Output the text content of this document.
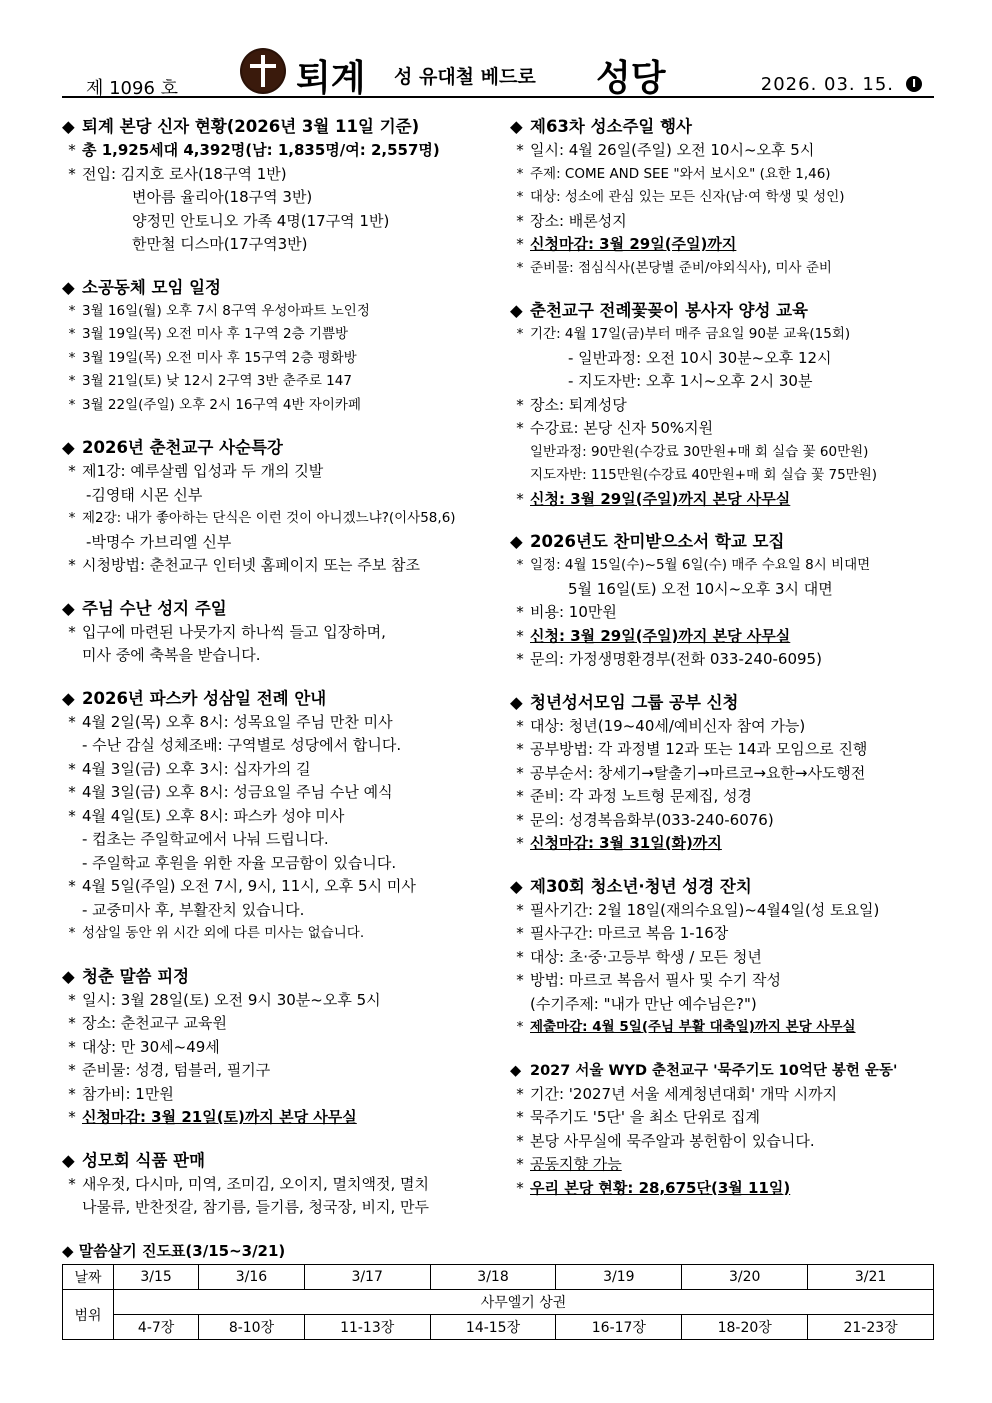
제 1096 호	퇴계 성 유대철 베드로 성당	2026. 03. 15.	I
◆ 퇴계 본당 신자 현황(2026년 3월 11일 기준)
* 총 1,925세대 4,392명(남: 1,835명/여: 2,557명)
* 전입: 김지호 로사(18구역 1반)
변아름 율리아(18구역 3반)
양정민 안토니오 가족 4명(17구역 1반)
한만철 디스마(17구역3반)
◆ 소공동체 모임 일정
* 3월 16일(월) 오후 7시 8구역 우성아파트 노인정
* 3월 19일(목) 오전 미사 후 1구역 2층 기쁨방
* 3월 19일(목) 오전 미사 후 15구역 2층 평화방
* 3월 21일(토) 낮 12시 2구역 3반 춘주로 147
* 3월 22일(주일) 오후 2시 16구역 4반 자이카페
◆ 2026년 춘천교구 사순특강
* 제1강: 예루살렘 입성과 두 개의 깃발
-김영태 시몬 신부
* 제2강: 내가 좋아하는 단식은 이런 것이 아니겠느냐?(이사58,6)
-박명수 가브리엘 신부
* 시청방법: 춘천교구 인터넷 홈페이지 또는 주보 참조
◆ 주님 수난 성지 주일
* 입구에 마련된 나뭇가지 하나씩 들고 입장하며,
미사 중에 축복을 받습니다.
◆ 2026년 파스카 성삼일 전례 안내
* 4월 2일(목) 오후 8시: 성목요일 주님 만찬 미사
- 수난 감실 성체조배: 구역별로 성당에서 합니다.
* 4월 3일(금) 오후 3시: 십자가의 길
* 4월 3일(금) 오후 8시: 성금요일 주님 수난 예식
* 4월 4일(토) 오후 8시: 파스카 성야 미사
- 컵초는 주일학교에서 나눠 드립니다.
- 주일학교 후원을 위한 자율 모금함이 있습니다.
* 4월 5일(주일) 오전 7시, 9시, 11시, 오후 5시 미사
- 교중미사 후, 부활잔치 있습니다.
* 성삼일 동안 위 시간 외에 다른 미사는 없습니다.
◆ 청춘 말씀 피정
* 일시: 3월 28일(토) 오전 9시 30분~오후 5시
* 장소: 춘천교구 교육원
* 대상: 만 30세~49세
* 준비물: 성경, 텀블러, 필기구
* 참가비: 1만원
* 신청마감: 3월 21일(토)까지 본당 사무실
◆ 성모회 식품 판매
* 새우젓, 다시마, 미역, 조미김, 오이지, 멸치액젓, 멸치
나물류, 반찬젓갈, 참기름, 들기름, 청국장, 비지, 만두
◆ 제63차 성소주일 행사
* 일시: 4월 26일(주일) 오전 10시~오후 5시
* 주제: COME AND SEE "와서 보시오" (요한 1,46)
* 대상: 성소에 관심 있는 모든 신자(남·여 학생 및 성인)
* 장소: 배론성지
* 신청마감: 3월 29일(주일)까지
* 준비물: 점심식사(본당별 준비/야외식사), 미사 준비
◆ 춘천교구 전례꽃꽂이 봉사자 양성 교육
* 기간: 4월 17일(금)부터 매주 금요일 90분 교육(15회)
- 일반과정: 오전 10시 30분~오후 12시
- 지도자반: 오후 1시~오후 2시 30분
* 장소: 퇴계성당
* 수강료: 본당 신자 50%지원
일반과정: 90만원(수강료 30만원+매 회 실습 꽃 60만원)
지도자반: 115만원(수강료 40만원+매 회 실습 꽃 75만원)
* 신청: 3월 29일(주일)까지 본당 사무실
◆ 2026년도 찬미받으소서 학교 모집
* 일정: 4월 15일(수)~5월 6일(수) 매주 수요일 8시 비대면
5월 16일(토) 오전 10시~오후 3시 대면
* 비용: 10만원
* 신청: 3월 29일(주일)까지 본당 사무실
* 문의: 가정생명환경부(전화 033-240-6095)
◆ 청년성서모임 그룹 공부 신청
* 대상: 청년(19~40세/예비신자 참여 가능)
* 공부방법: 각 과정별 12과 또는 14과 모임으로 진행
* 공부순서: 창세기→탈출기→마르코→요한→사도행전
* 준비: 각 과정 노트형 문제집, 성경
* 문의: 성경복음화부(033-240-6076)
* 신청마감: 3월 31일(화)까지
◆ 제30회 청소년·청년 성경 잔치
* 필사기간: 2월 18일(재의수요일)~4월4일(성 토요일)
* 필사구간: 마르코 복음 1-16장
* 대상: 초·중·고등부 학생 / 모든 청년
* 방법: 마르코 복음서 필사 및 수기 작성
(수기주제: "내가 만난 예수님은?")
* 제출마감: 4월 5일(주님 부활 대축일)까지 본당 사무실
◆ 2027 서울 WYD 춘천교구 '묵주기도 10억단 봉헌 운동'
* 기간: '2027년 서울 세계청년대회' 개막 시까지
* 묵주기도 '5단' 을 최소 단위로 집계
* 본당 사무실에 묵주알과 봉헌함이 있습니다.
* 공동지향 가능
* 우리 본당 현황: 28,675단(3월 11일)
◆ 말씀살기 진도표(3/15~3/21)
날짜	3/15	3/16	3/17	3/18	3/19	3/20	3/21
범위	사무엘기 상권						
	4-7장	8-10장	11-13장	14-15장	16-17장	18-20장	21-23장
